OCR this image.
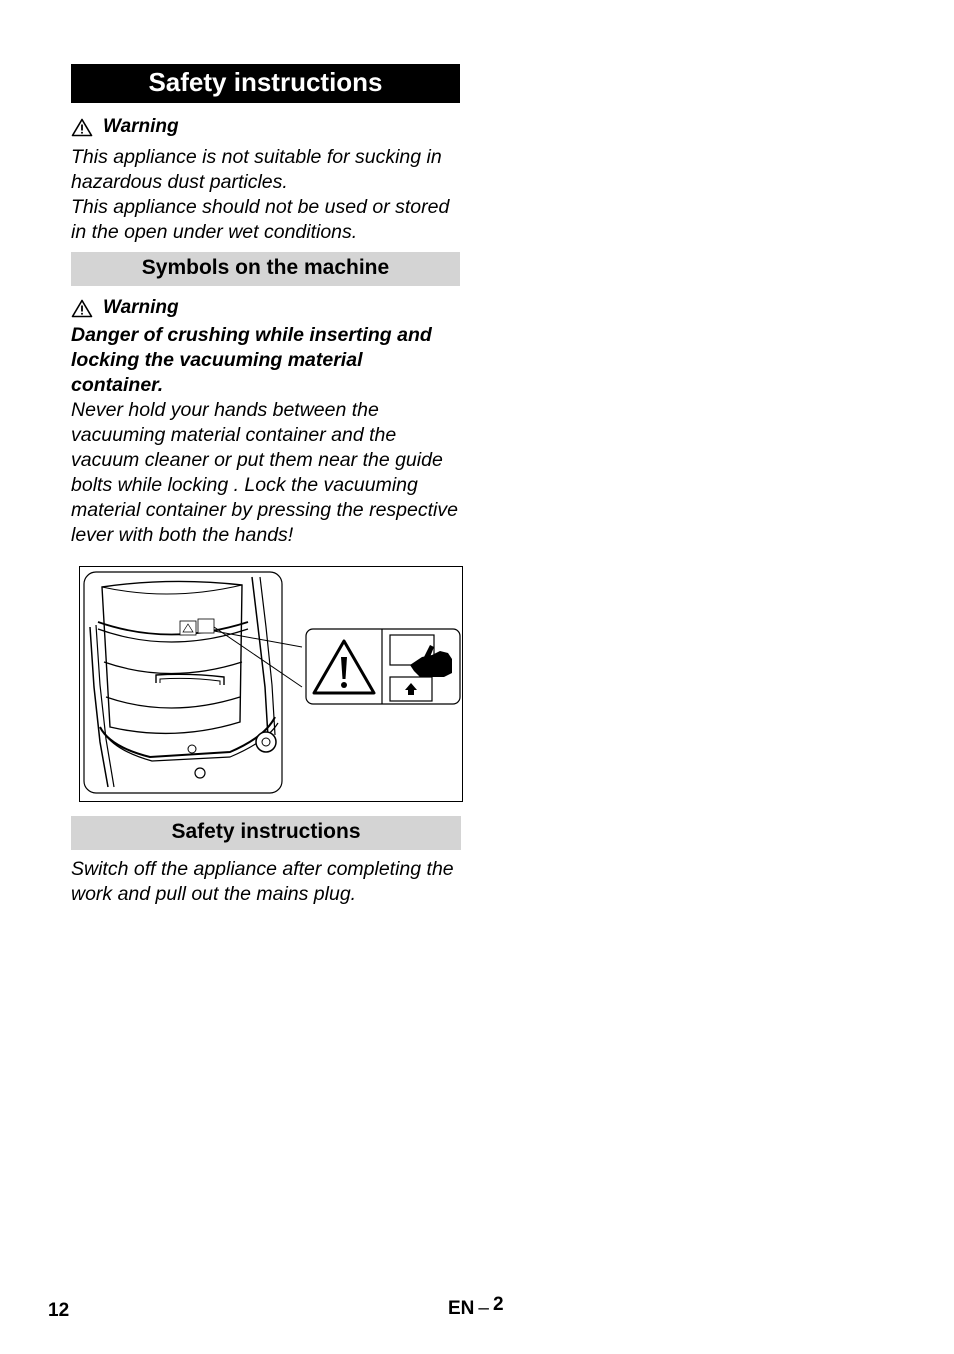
Safety instructions
Warning

This appliance is not suitable for sucking in hazardous dust particles.

This appliance should not be used or stored in the open under wet conditions.

Symbols on the machine
Warning

Danger of crushing while inserting and locking the vacuuming material container.

Never hold your hands between the vacuuming material container and the vacuum cleaner or put them near the guide bolts while locking . Lock the vacuuming material container by pressing the respective lever with both the hands!

Safety instructions

Switch off the appliance after completing the work and pull out the mains plug.

12	EN – 2
